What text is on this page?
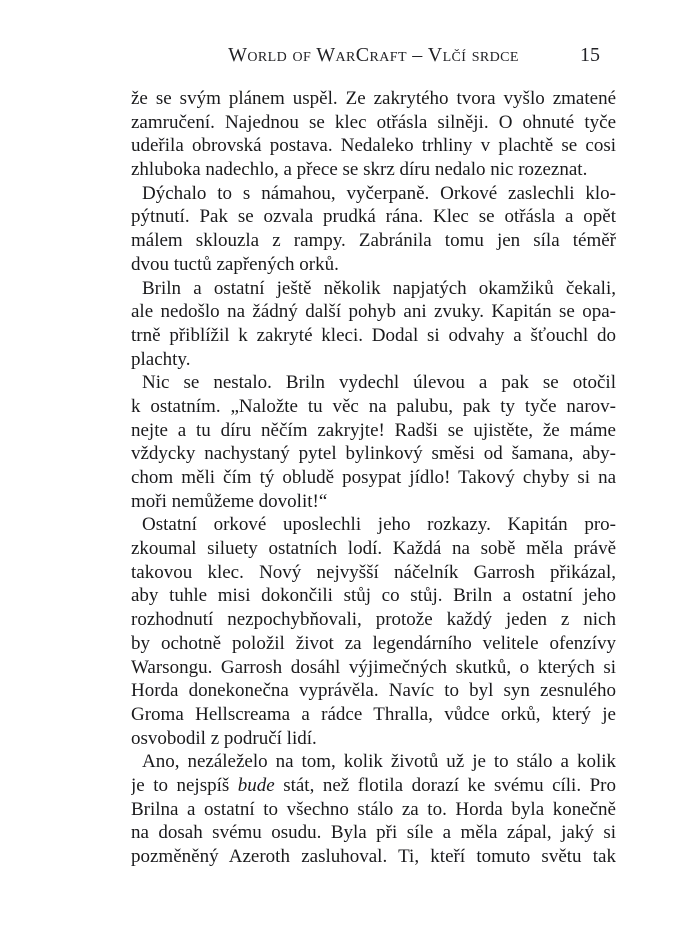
World of WarCraft – Vlčí srdce	15
že se svým plánem uspěl. Ze zakrytého tvora vyšlo zmatené
zamručení. Najednou se klec otřásla silněji. O ohnuté tyče
udeřila obrovská postava. Nedaleko trhliny v plachtě se cosi
zhluboka nadechlo, a přece se skrz díru nedalo nic rozeznat.
Dýchalo to s námahou, vyčerpaně. Orkové zaslechli klo-
pýtnutí. Pak se ozvala prudká rána. Klec se otřásla a opět
málem sklouzla z rampy. Zabránila tomu jen síla téměř
dvou tuctů zapřených orků.
Briln a ostatní ještě několik napjatých okamžiků čekali,
ale nedošlo na žádný další pohyb ani zvuky. Kapitán se opa-
trně přiblížil k zakryté kleci. Dodal si odvahy a šťouchl do
plachty.
Nic se nestalo. Briln vydechl úlevou a pak se otočil
k ostatním. „Naložte tu věc na palubu, pak ty tyče narov-
nejte a tu díru něčím zakryjte! Radši se ujistěte, že máme
vždycky nachystaný pytel bylinkový směsi od šamana, aby-
chom měli čím tý obludě posypat jídlo! Takový chyby si na
moři nemůžeme dovolit!“
Ostatní orkové uposlechli jeho rozkazy. Kapitán pro-
zkoumal siluety ostatních lodí. Každá na sobě měla právě
takovou klec. Nový nejvyšší náčelník Garrosh přikázal,
aby tuhle misi dokončili stůj co stůj. Briln a ostatní jeho
rozhodnutí nezpochybňovali, protože každý jeden z nich
by ochotně položil život za legendárního velitele ofenzívy
Warsongu. Garrosh dosáhl výjimečných skutků, o kterých si
Horda donekonečna vyprávěla. Navíc to byl syn zesnulého
Groma Hellscreama a rádce Thralla, vůdce orků, který je
osvobodil z područí lidí.
Ano, nezáleželo na tom, kolik životů už je to stálo a kolik
je to nejspíš bude stát, než flotila dorazí ke svému cíli. Pro
Brilna a ostatní to všechno stálo za to. Horda byla konečně
na dosah svému osudu. Byla při síle a měla zápal, jaký si
pozměněný Azeroth zasluhoval. Ti, kteří tomuto světu tak
